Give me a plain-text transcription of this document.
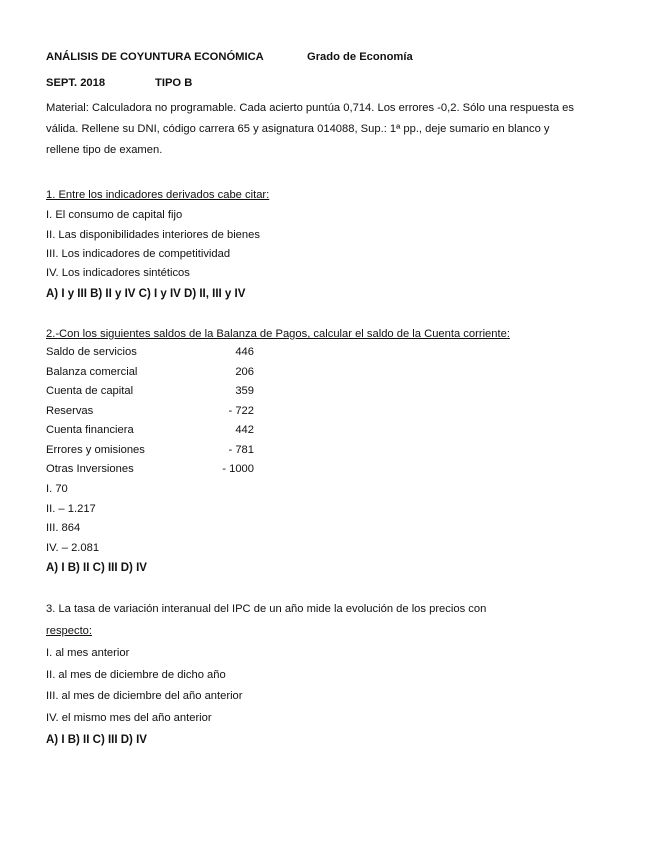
ANÁLISIS DE COYUNTURA ECONÓMICA	Grado de Economía
SEPT. 2018	TIPO B
Material: Calculadora no programable. Cada acierto puntúa 0,714. Los errores -0,2. Sólo una respuesta es
válida. Rellene su DNI, código carrera 65 y asignatura 014088, Sup.: 1ª pp., deje sumario en blanco y
rellene tipo de examen.
1. Entre los indicadores derivados cabe citar:
I. El consumo de capital fijo
II. Las disponibilidades interiores de bienes
III. Los indicadores de competitividad
IV. Los indicadores sintéticos
A) I y III B) II y IV C) I y IV D) II, III y IV
2.-Con los siguientes saldos de la Balanza de Pagos, calcular el saldo de la Cuenta corriente:
Saldo de servicios	446
Balanza comercial	206
Cuenta de capital	359
Reservas	- 722
Cuenta financiera	442
Errores y omisiones	- 781
Otras Inversiones	- 1000
I. 70
II. – 1.217
III. 864
IV. – 2.081
A) I B) II C) III D) IV
3. La tasa de variación interanual del IPC de un año mide la evolución de los precios con
respecto:
I. al mes anterior
II. al mes de diciembre de dicho año
III. al mes de diciembre del año anterior
IV. el mismo mes del año anterior
A) I B) II C) III D) IV
